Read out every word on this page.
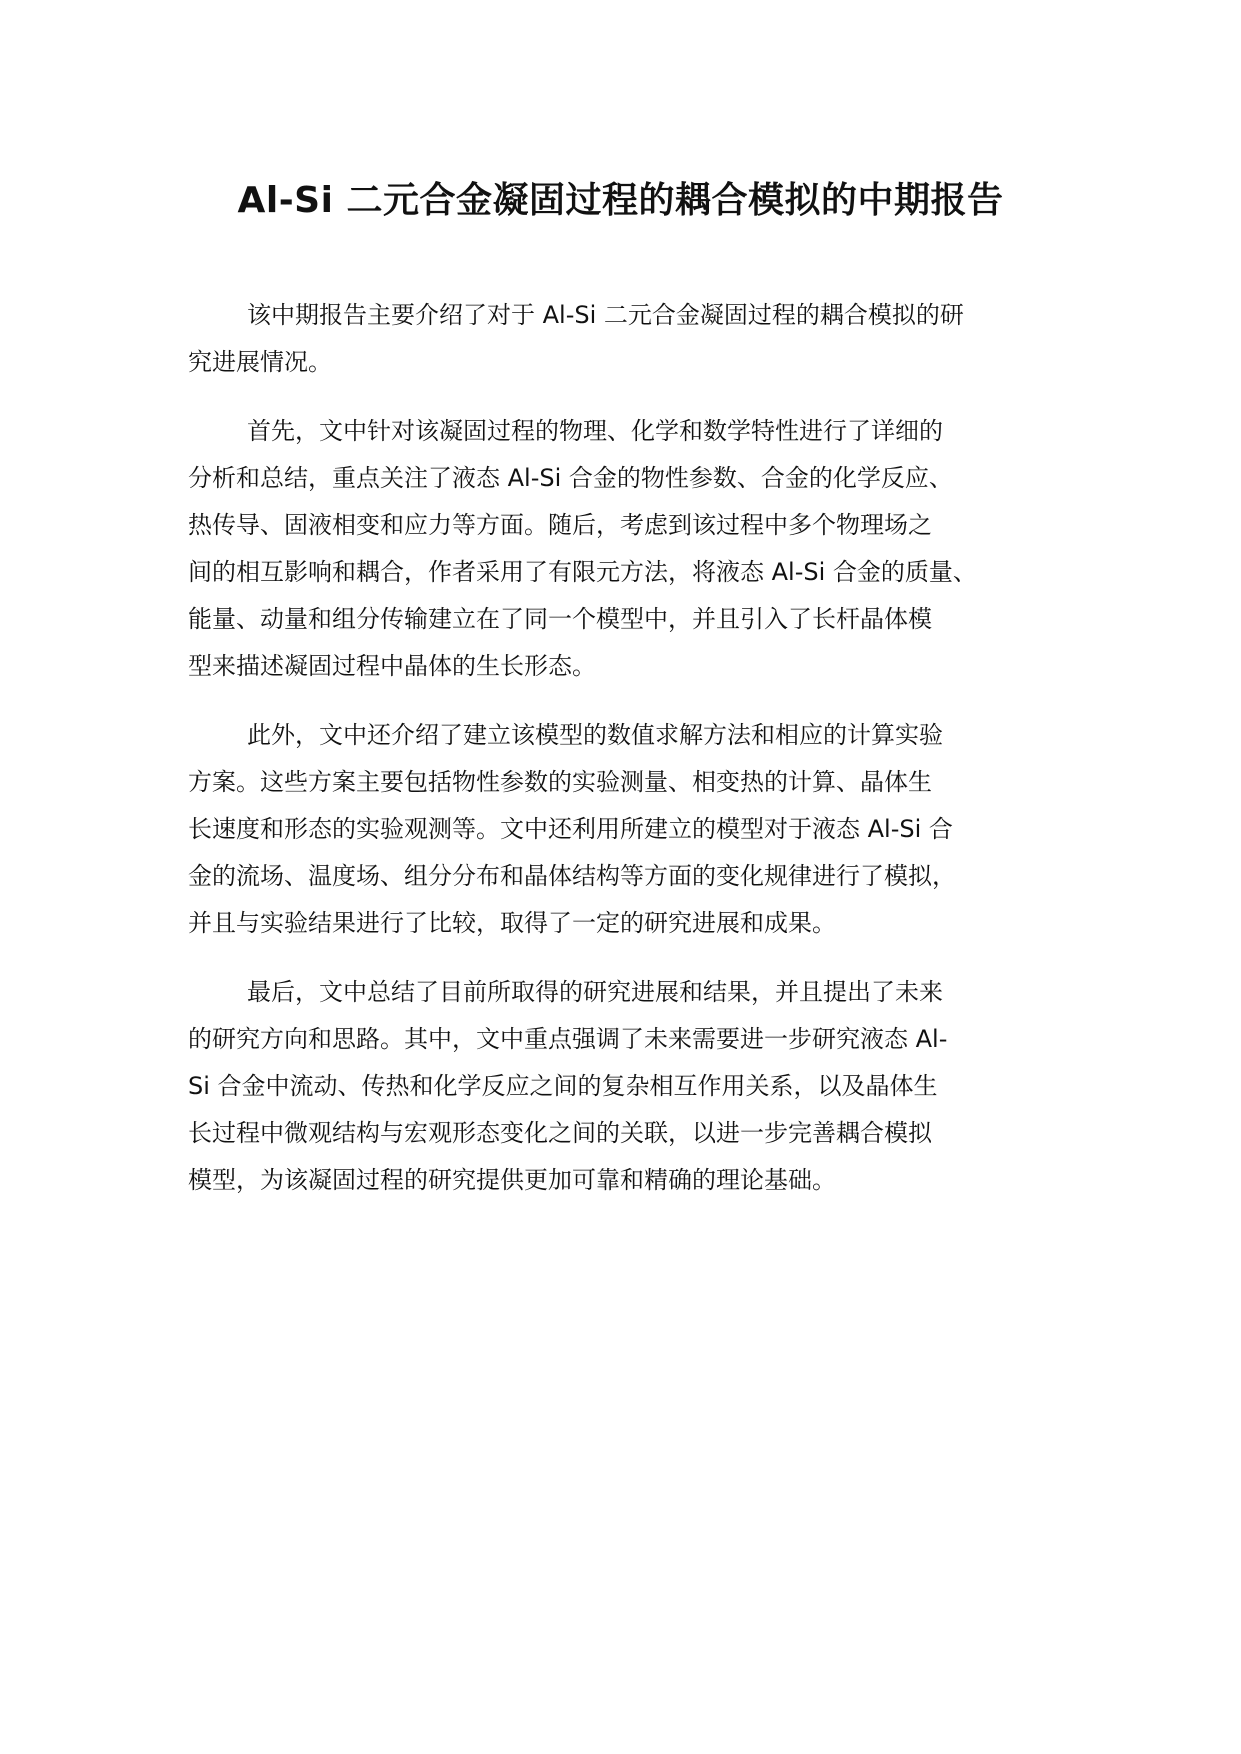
Al-Si 二元合金凝固过程的耦合模拟的中期报告

该中期报告主要介绍了对于 Al-Si 二元合金凝固过程的耦合模拟的研
究进展情况。

首先，文中针对该凝固过程的物理、化学和数学特性进行了详细的
分析和总结，重点关注了液态 Al-Si 合金的物性参数、合金的化学反应、
热传导、固液相变和应力等方面。随后，考虑到该过程中多个物理场之
间的相互影响和耦合，作者采用了有限元方法，将液态 Al-Si 合金的质量、
能量、动量和组分传输建立在了同一个模型中，并且引入了长杆晶体模
型来描述凝固过程中晶体的生长形态。

此外，文中还介绍了建立该模型的数值求解方法和相应的计算实验
方案。这些方案主要包括物性参数的实验测量、相变热的计算、晶体生
长速度和形态的实验观测等。文中还利用所建立的模型对于液态 Al-Si 合
金的流场、温度场、组分分布和晶体结构等方面的变化规律进行了模拟，
并且与实验结果进行了比较，取得了一定的研究进展和成果。

最后，文中总结了目前所取得的研究进展和结果，并且提出了未来
的研究方向和思路。其中，文中重点强调了未来需要进一步研究液态 Al-
Si 合金中流动、传热和化学反应之间的复杂相互作用关系，以及晶体生
长过程中微观结构与宏观形态变化之间的关联，以进一步完善耦合模拟
模型，为该凝固过程的研究提供更加可靠和精确的理论基础。
